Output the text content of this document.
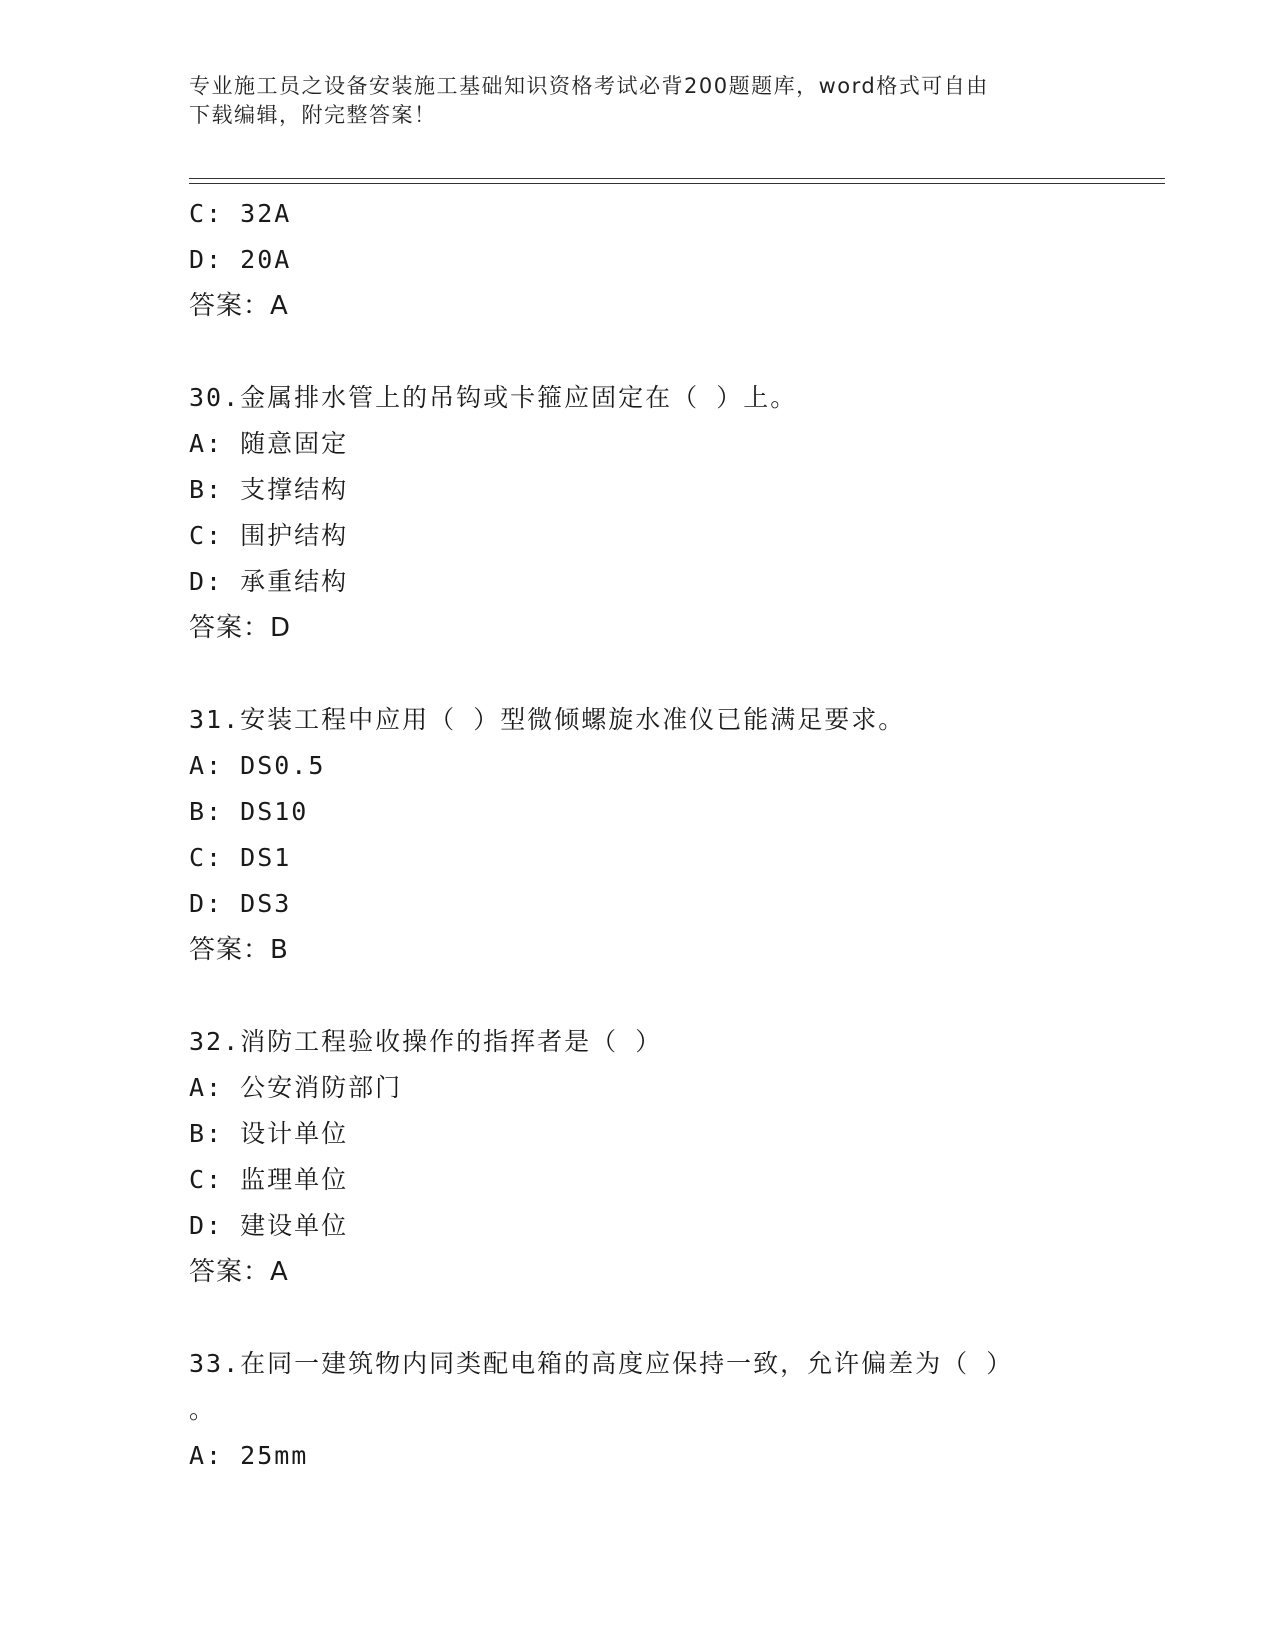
专业施工员之设备安装施工基础知识资格考试必背200题题库，word格式可自由
下载编辑，附完整答案！
C: 32A
D: 20A
答案：A
30.金属排水管上的吊钩或卡箍应固定在（ ）上。
A: 随意固定
B: 支撑结构
C: 围护结构
D: 承重结构
答案：D
31.安装工程中应用（ ）型微倾螺旋水准仪已能满足要求。
A: DS0.5
B: DS10
C: DS1
D: DS3
答案：B
32.消防工程验收操作的指挥者是（ ）
A: 公安消防部门
B: 设计单位
C: 监理单位
D: 建设单位
答案：A
33.在同一建筑物内同类配电箱的高度应保持一致，允许偏差为（ ）
。
A: 25mm
